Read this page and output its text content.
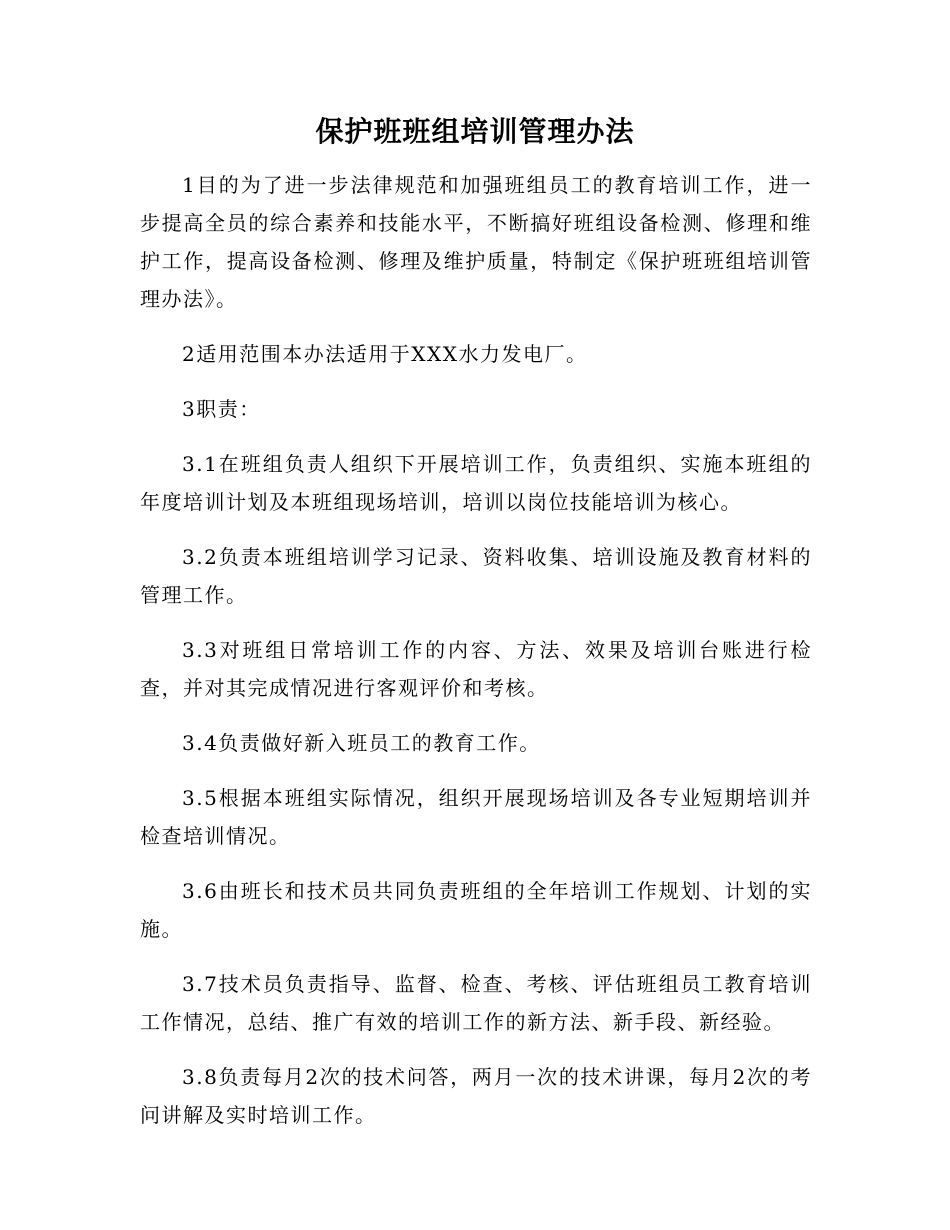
保护班班组培训管理办法

1目的为了进一步法律规范和加强班组员工的教育培训工作，进一步提高全员的综合素养和技能水平，不断搞好班组设备检测、修理和维护工作，提高设备检测、修理及维护质量，特制定《保护班班组培训管理办法》。

2适用范围本办法适用于XXX水力发电厂。

3职责：

3.1在班组负责人组织下开展培训工作，负责组织、实施本班组的年度培训计划及本班组现场培训，培训以岗位技能培训为核心。

3.2负责本班组培训学习记录、资料收集、培训设施及教育材料的管理工作。

3.3对班组日常培训工作的内容、方法、效果及培训台账进行检查，并对其完成情况进行客观评价和考核。

3.4负责做好新入班员工的教育工作。

3.5根据本班组实际情况，组织开展现场培训及各专业短期培训并检查培训情况。

3.6由班长和技术员共同负责班组的全年培训工作规划、计划的实施。

3.7技术员负责指导、监督、检查、考核、评估班组员工教育培训工作情况，总结、推广有效的培训工作的新方法、新手段、新经验。

3.8负责每月2次的技术问答，两月一次的技术讲课，每月2次的考问讲解及实时培训工作。
